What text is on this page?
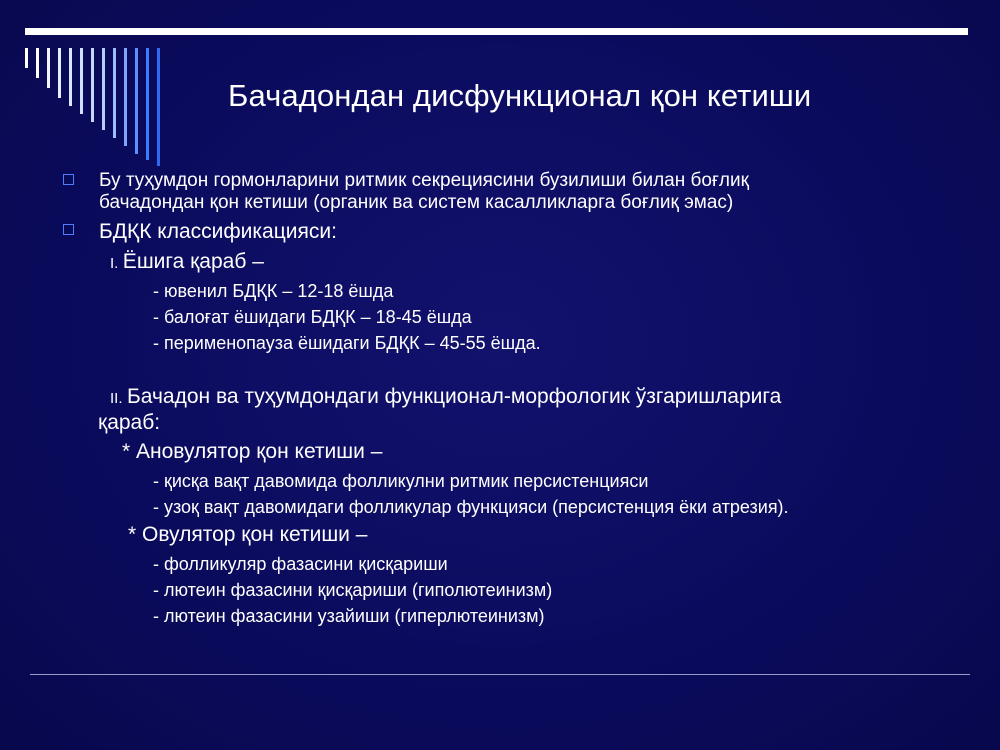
Бачадондан дисфункционал қон кетиши
Бу туҳумдон гормонларини ритмик секрециясини бузилиши билан боғлиқ
бачадондан қон кетиши (органик ва систем касалликларга боғлиқ эмас)
БДҚК классификацияси:
I. Ёшига қараб –
- ювенил БДҚК – 12-18 ёшда
- балоғат ёшидаги БДҚК – 18-45 ёшда
- перименопауза ёшидаги БДҚК – 45-55 ёшда.
II. Бачадон ва туҳумдондаги функционал-морфологик ўзгаришларига
қараб:
* Ановулятор қон кетиши –
- қисқа вақт давомида фолликулни ритмик персистенцияси
- узоқ вақт давомидаги фолликулар функцияси (персистенция ёки атрезия).
* Овулятор қон кетиши –
- фолликуляр фазасини қисқариши
- лютеин фазасини қисқариши (гиполютеинизм)
- лютеин фазасини узайиши (гиперлютеинизм)
